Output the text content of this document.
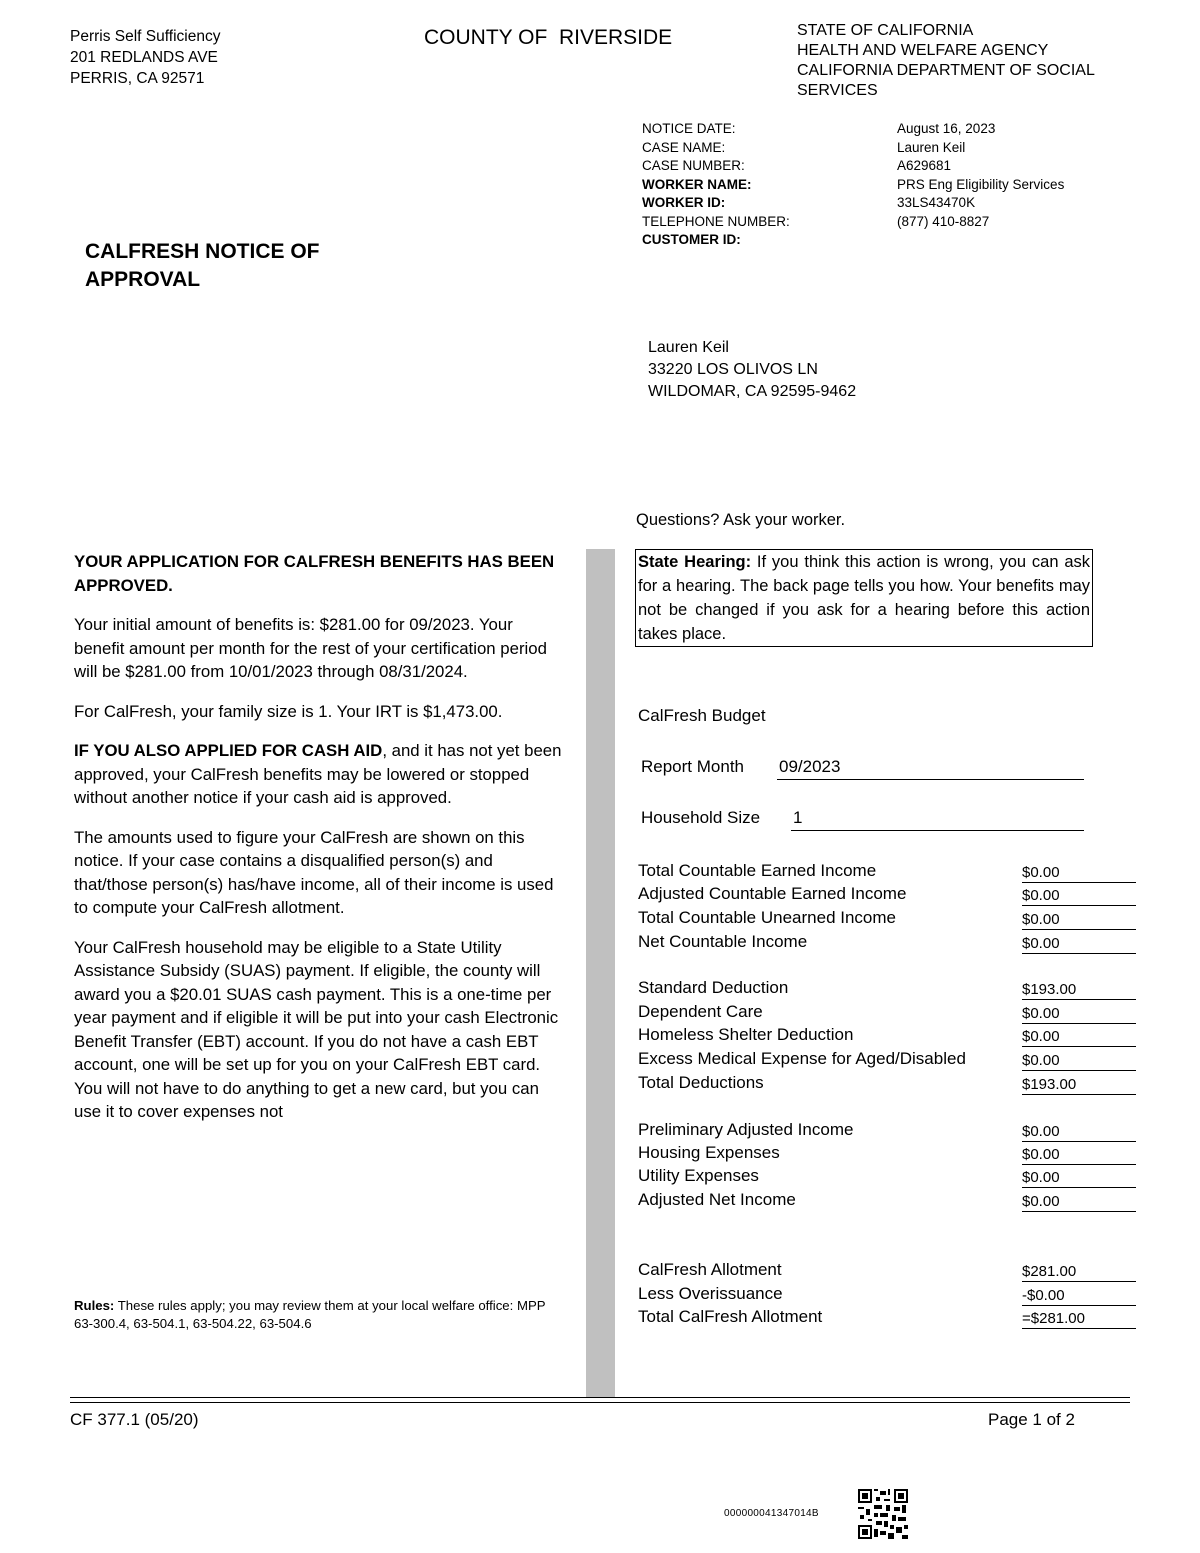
Perris Self Sufficiency
201 REDLANDS AVE
PERRIS, CA 92571
COUNTY OF  RIVERSIDE	STATE OF CALIFORNIA
HEALTH AND WELFARE AGENCY
CALIFORNIA DEPARTMENT OF SOCIAL
SERVICES
NOTICE DATE:	August 16, 2023
CASE NAME:	Lauren Keil
CASE NUMBER:	A629681
WORKER NAME:	PRS Eng Eligibility Services
WORKER ID:	33LS43470K
TELEPHONE NUMBER:	(877) 410-8827
CUSTOMER ID:
CALFRESH NOTICE OF
APPROVAL
Lauren Keil
33220 LOS OLIVOS LN
WILDOMAR, CA 92595-9462
Questions? Ask your worker.

YOUR APPLICATION FOR CALFRESH BENEFITS HAS BEEN APPROVED.

Your initial amount of benefits is: $281.00 for 09/2023. Your benefit amount per month for the rest of your certification period will be $281.00 from 10/01/2023 through 08/31/2024.

For CalFresh, your family size is 1. Your IRT is $1,473.00.

IF YOU ALSO APPLIED FOR CASH AID, and it has not yet been approved, your CalFresh benefits may be lowered or stopped without another notice if your cash aid is approved.

The amounts used to figure your CalFresh are shown on this notice. If your case contains a disqualified person(s) and that/those person(s) has/have income, all of their income is used to compute your CalFresh allotment.

Your CalFresh household may be eligible to a State Utility Assistance Subsidy (SUAS) payment. If eligible, the county will award you a $20.01 SUAS cash payment. This is a one-time per year payment and if eligible it will be put into your cash Electronic Benefit Transfer (EBT) account. If you do not have a cash EBT account, one will be set up for you on your CalFresh EBT card. You will not have to do anything to get a new card, but you can use it to cover expenses not

Rules: These rules apply; you may review them at your local welfare office: MPP 63-300.4, 63-504.1, 63-504.22, 63-504.6
State Hearing: If you think this action is wrong, you can ask for a hearing. The back page tells you how. Your benefits may not be changed if you ask for a hearing before this action takes place.
CalFresh Budget
Report Month 09/2023
Household Size 1
Total Countable Earned Income	$0.00
Adjusted Countable Earned Income	$0.00
Total Countable Unearned Income	$0.00
Net Countable Income	$0.00
Standard Deduction	$193.00
Dependent Care	$0.00
Homeless Shelter Deduction	$0.00
Excess Medical Expense for Aged/Disabled	$0.00
Total Deductions	$193.00
Preliminary Adjusted Income	$0.00
Housing Expenses	$0.00
Utility Expenses	$0.00
Adjusted Net Income	$0.00
CalFresh Allotment	$281.00
Less Overissuance	-$0.00
Total CalFresh Allotment	=$281.00
CF 377.1 (05/20)	Page 1 of 2
000000041347014B
